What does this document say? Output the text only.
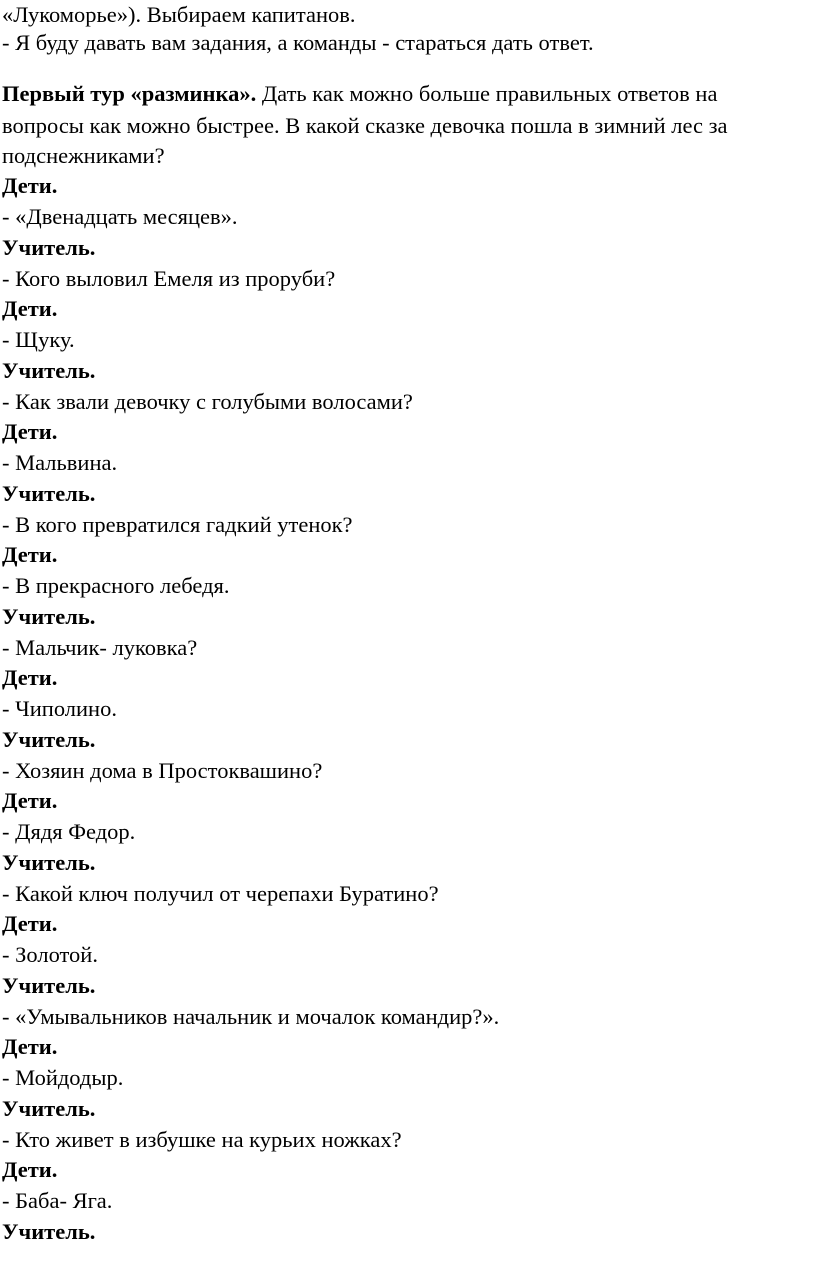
«Лукоморье»). Выбираем капитанов.
- Я буду давать вам задания, а команды - стараться дать ответ.
Первый тур «разминка». Дать как можно больше правильных ответов на
вопросы как можно быстрее. В какой сказке девочка пошла в зимний лес за
подснежниками?
Дети.
- «Двенадцать месяцев».
Учитель.
- Кого выловил Емеля из проруби?
Дети.
- Щуку.
Учитель.
- Как звали девочку с голубыми волосами?
Дети.
- Мальвина.
Учитель.
- В кого превратился гадкий утенок?
Дети.
- В прекрасного лебедя.
Учитель.
- Мальчик- луковка?
Дети.
- Чиполино.
Учитель.
- Хозяин дома в Простоквашино?
Дети.
- Дядя Федор.
Учитель.
- Какой ключ получил от черепахи Буратино?
Дети.
- Золотой.
Учитель.
- «Умывальников начальник и мочалок командир?».
Дети.
- Мойдодыр.
Учитель.
- Кто живет в избушке на курьих ножках?
Дети.
- Баба- Яга.
Учитель.
